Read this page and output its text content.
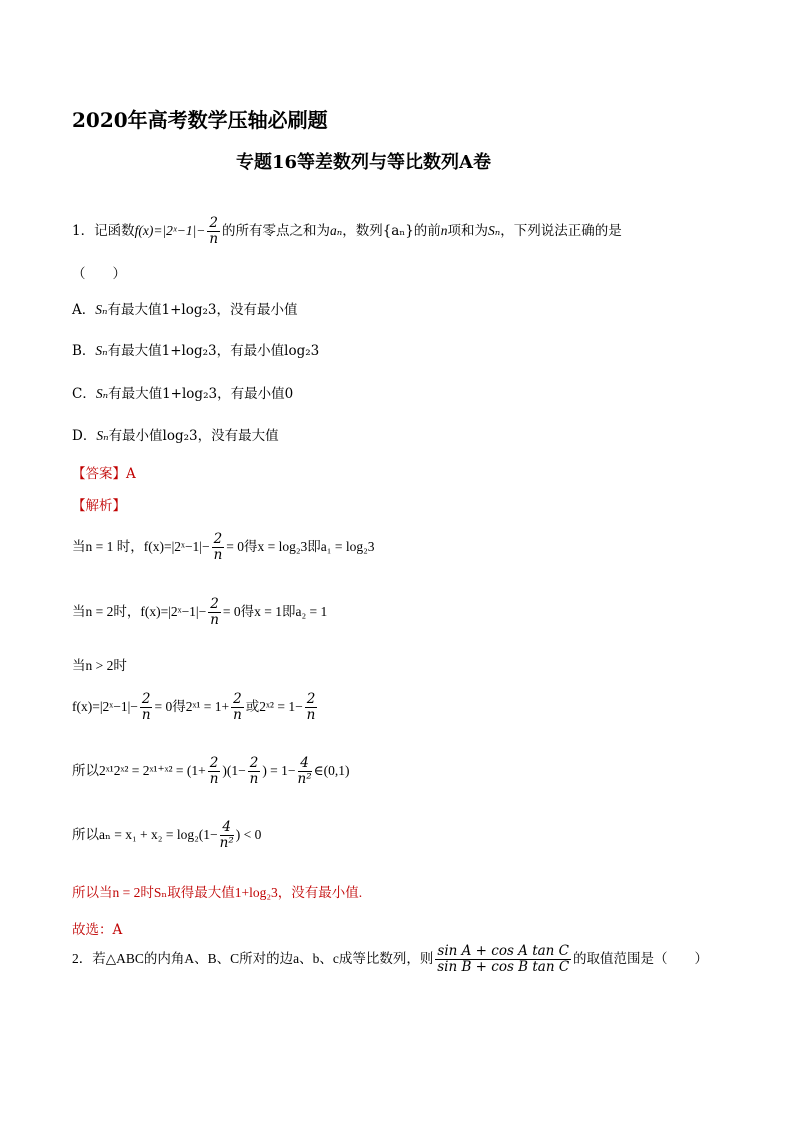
2020年高考数学压轴必刷题
专题16等差数列与等比数列A卷
1．记函数f(x)=|2ˣ−1|− $\frac{2}{n}$ 的所有零点之和为aₙ，数列{aₙ}的前n项和为Sₙ，下列说法正确的是
（　　）
A．Sₙ有最大值1+log₂3，没有最小值
B．Sₙ有最大值1+log₂3，有最小值log₂3
C．Sₙ有最大值1+log₂3，有最小值0
D．Sₙ有最小值log₂3，没有最大值
【答案】A
【解析】
当n = 1 时，f(x)=|2ˣ−1|− $\frac{2}{n} = 0$得x = log₂3即a₁ = log₂3
当n = 2时，f(x)=|2ˣ−1|− $\frac{2}{n} = 0$得x = 1即a₂ = 1
当n > 2时
f(x)=|2ˣ−1|− $\frac{2}{n} = 0$得2ˣ¹ = $1+ \frac{2}{n}$ 或2ˣ² = $1- \frac{2}{n}$
所以2ˣ¹2ˣ² = 2ˣ¹⁺ˣ² = $(1+ \frac{2}{n} )(1- \frac{2}{n}$ ) = $1- \frac{4}{\text{n²}}$ ∈(0,1)
所以$a_n = x_1 + x_2 = \log_2(1- \frac{4}{\text{n²}}$ ) < 0
所以当n = 2时Sₙ取得最大值1+log₂3，没有最小值.
故选：A
2．若△ABC的内角A、B、C所对的边a、b、c成等比数列，则 $\frac{\text{sin A + cos A tan C}}{\text{sin B + cos B tan C}}$ 的取值范围是（　　）
